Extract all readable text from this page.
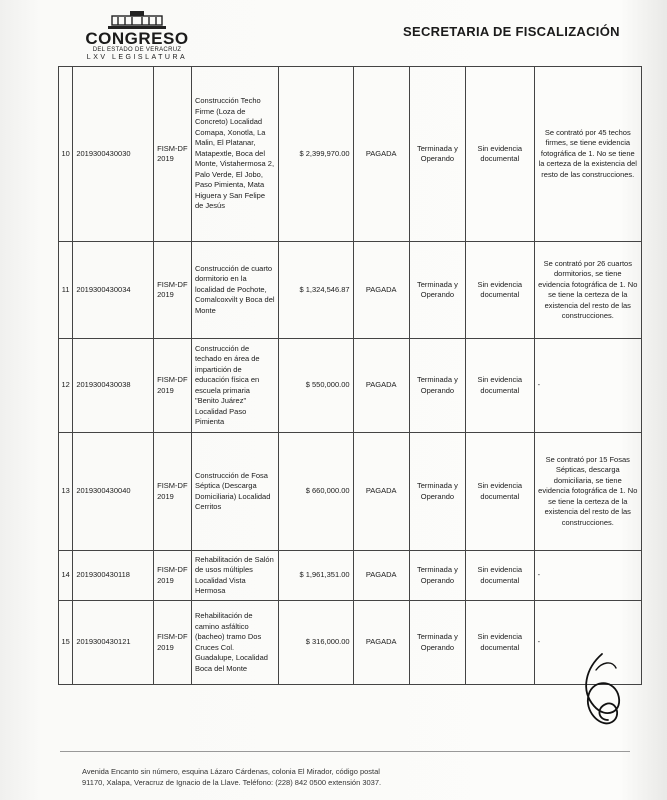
CONGRESO
DEL ESTADO DE VERACRUZ
LXV LEGISLATURA
SECRETARIA DE FISCALIZACIÓN
10	2019300430030	FISM-DF 2019	Construcción Techo Firme (Loza de Concreto) Localidad Comapa, Xonotla, La Malin, El Platanar, Matapextle, Boca del Monte, Vistahermosa 2, Palo Verde, El Jobo, Paso Pimienta, Mata Higuera y San Felipe de Jesús	$ 2,399,970.00	PAGADA	Terminada y Operando	Sin evidencia documental	Se contrató por 45 techos firmes, se tiene evidencia fotográfica de 1. No se tiene la certeza de la existencia del resto de las construcciones.
11	2019300430034	FISM-DF 2019	Construcción de cuarto dormitorio en la localidad de Pochote, Comalcoxvilt y Boca del Monte	$ 1,324,546.87	PAGADA	Terminada y Operando	Sin evidencia documental	Se contrató por 26 cuartos dormitorios, se tiene evidencia fotográfica de 1. No se tiene la certeza de la existencia del resto de las construcciones.
12	2019300430038	FISM-DF 2019	Construcción de techado en área de impartición de educación física en escuela primaria "Benito Juárez" Localidad Paso Pimienta	$ 550,000.00	PAGADA	Terminada y Operando	Sin evidencia documental	-
13	2019300430040	FISM-DF 2019	Construcción de Fosa Séptica (Descarga Domiciliaria) Localidad Cerritos	$ 660,000.00	PAGADA	Terminada y Operando	Sin evidencia documental	Se contrató por 15 Fosas Sépticas, descarga domiciliaria, se tiene evidencia fotográfica de 1. No se tiene la certeza de la existencia del resto de las construcciones.
14	2019300430118	FISM-DF 2019	Rehabilitación de Salón de usos múltiples Localidad Vista Hermosa	$ 1,961,351.00	PAGADA	Terminada y Operando	Sin evidencia documental	-
15	2019300430121	FISM-DF 2019	Rehabilitación de camino asfáltico (bacheo) tramo Dos Cruces Col. Guadalupe, Localidad Boca del Monte	$ 316,000.00	PAGADA	Terminada y Operando	Sin evidencia documental	-
Avenida Encanto sin número, esquina Lázaro Cárdenas, colonia El Mirador, código postal
91170, Xalapa, Veracruz de Ignacio de la Llave. Teléfono: (228) 842 0500 extensión 3037.
